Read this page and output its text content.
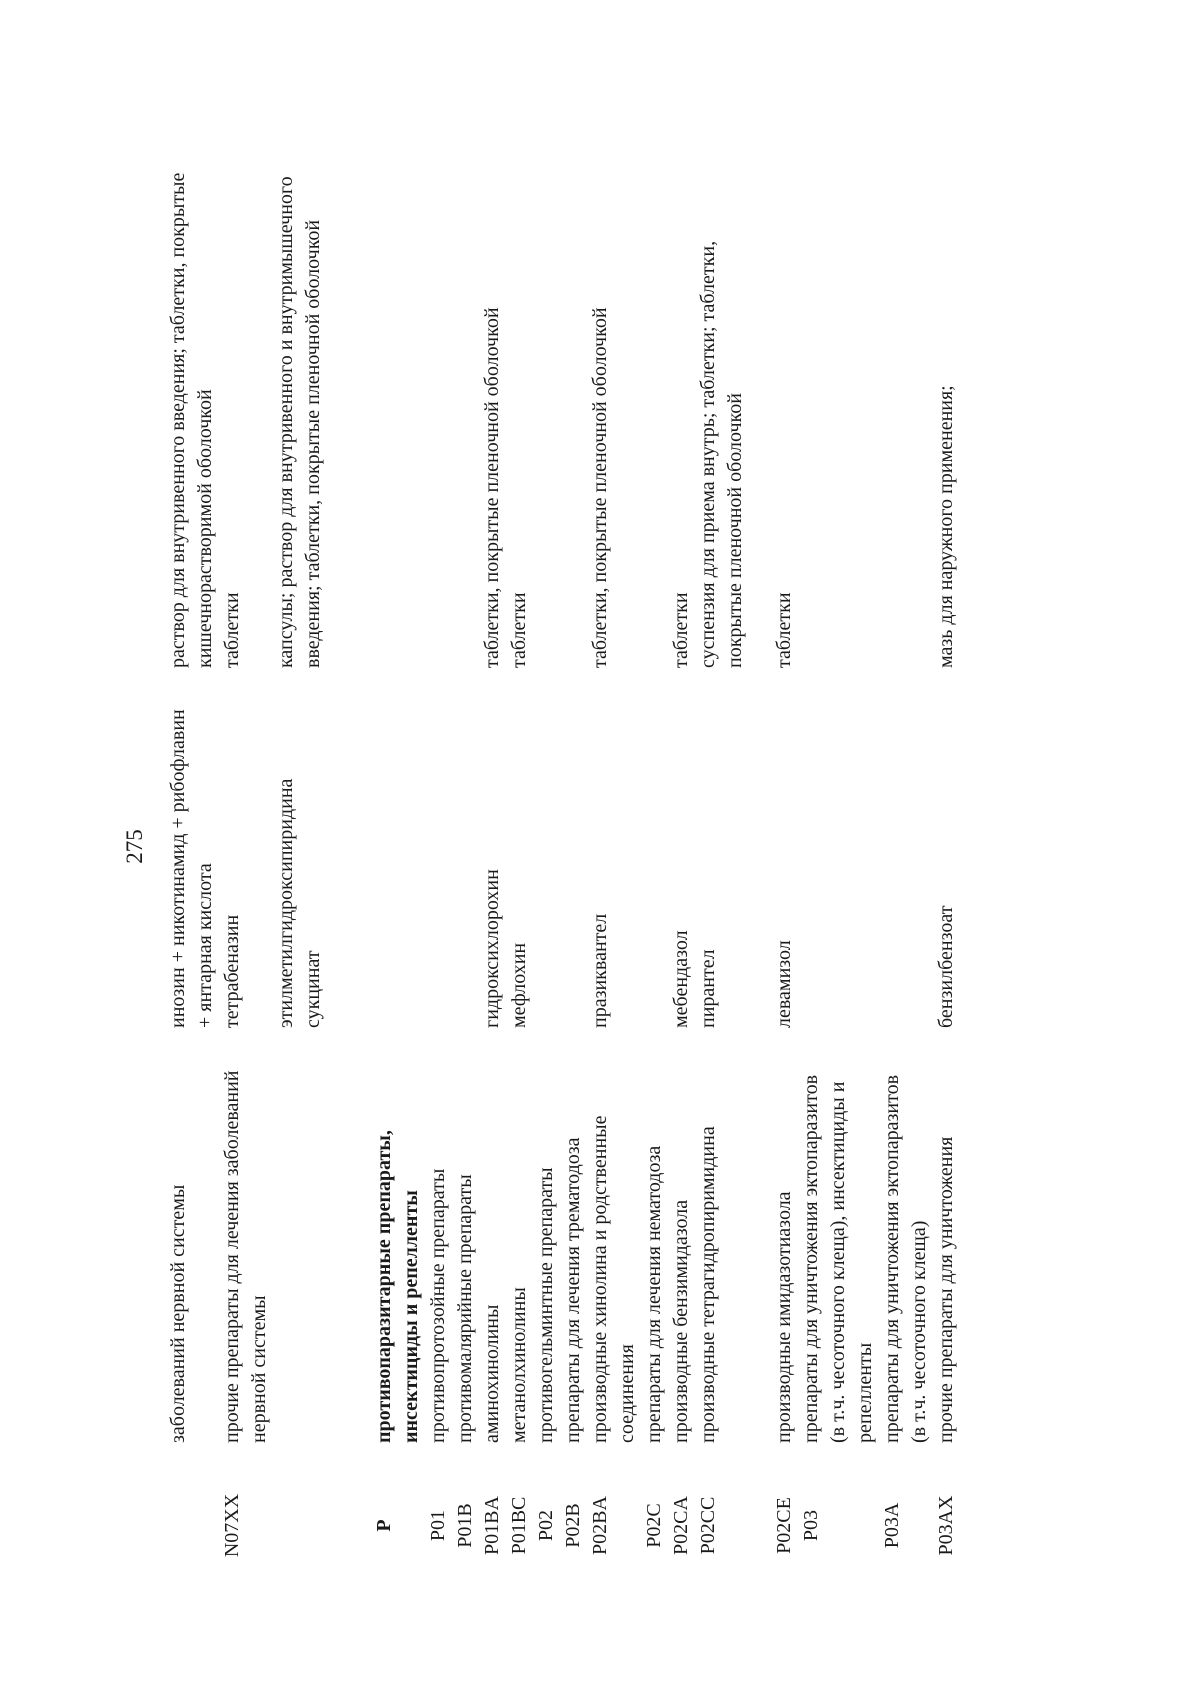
275
	заболеваний нервной системы	инозин + никотинамид + рибофлавин + янтарная кислота	раствор для внутривенного введения; таблетки, покрытые кишечнорастворимой оболочкой
N07XX	прочие препараты для лечения заболеваний нервной системы	тетрабеназин	таблетки
		этилметилгидроксипиридина сукцинат	капсулы; раствор для внутривенного и внутримышечного введения; таблетки, покрытые пленочной оболочкой
P	противопаразитарные препараты, инсектициды и репелленты		
P01	противопротозойные препараты		
P01B	противомалярийные препараты		
P01BA	аминохинолины	гидроксихлорохин	таблетки, покрытые пленочной оболочкой
P01BC	метанолхинолины	мефлохин	таблетки
P02	противогельминтные препараты		
P02B	препараты для лечения трематодоза		
P02BA	производные хинолина и родственные соединения	празиквантел	таблетки, покрытые пленочной оболочкой
P02C	препараты для лечения нематодоза		
P02CA	производные бензимидазола	мебендазол	таблетки
P02CC	производные тетрагидропиримидина	пирантел	суспензия для приема внутрь; таблетки; таблетки, покрытые пленочной оболочкой

P02CE	производные имидазотиазола	левамизол	таблетки
P03	препараты для уничтожения эктопаразитов (в т.ч. чесоточного клеща), инсектициды и репелленты		
P03A	препараты для уничтожения эктопаразитов (в т.ч. чесоточного клеща)		
P03AX	прочие препараты для уничтожения	бензилбензоат	мазь для наружного применения;
